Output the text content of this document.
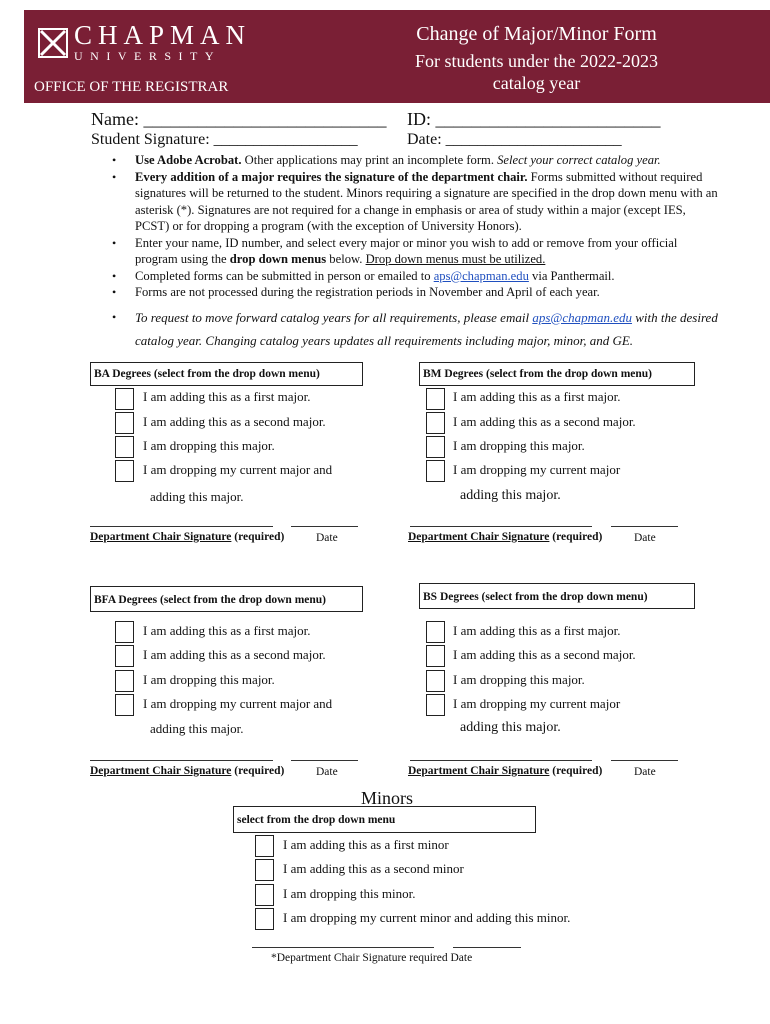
CHAPMAN
UNIVERSITY
OFFICE OF THE REGISTRAR
Change of Major/Minor Form
For students under the 2022-2023 catalog year
Name: ___________________________ ID: _________________________
Student Signature: __________________	Date: ______________________
• Use Adobe Acrobat. Other applications may print an incomplete form. Select your correct catalog year.
• Every addition of a major requires the signature of the department chair. Forms submitted without required signatures will be returned to the student. Minors requiring a signature are specified in the drop down menu with an asterisk (*). Signatures are not required for a change in emphasis or area of study within a major (except IES, PCST) or for dropping a program (with the exception of University Honors).
• Enter your name, ID number, and select every major or minor you wish to add or remove from your official program using the drop down menus below. Drop down menus must be utilized.
• Completed forms can be submitted in person or emailed to aps@chapman.edu via Panthermail.
• Forms are not processed during the registration periods in November and April of each year.
• To request to move forward catalog years for all requirements, please email aps@chapman.edu with the desired catalog year. Changing catalog years updates all requirements including major, minor, and GE.
BA Degrees (select from the drop down menu)
I am adding this as a first major.
I am adding this as a second major.
I am dropping this major.
I am dropping my current major and
adding this major.
Department Chair Signature (required)	Date
BM Degrees (select from the drop down menu)
I am adding this as a first major.
I am adding this as a second major.
I am dropping this major.
I am dropping my current major
adding this major.
Department Chair Signature (required)	Date
BFA Degrees (select from the drop down menu)
I am adding this as a first major.
I am adding this as a second major.
I am dropping this major.
I am dropping my current major and
adding this major.
Department Chair Signature (required)	Date
BS Degrees (select from the drop down menu)
I am adding this as a first major.
I am adding this as a second major.
I am dropping this major.
I am dropping my current major
adding this major.
Department Chair Signature (required)	Date
Minors
select from the drop down menu
I am adding this as a first minor
I am adding this as a second minor
I am dropping this minor.
I am dropping my current minor and adding this minor.
*Department Chair Signature required Date
